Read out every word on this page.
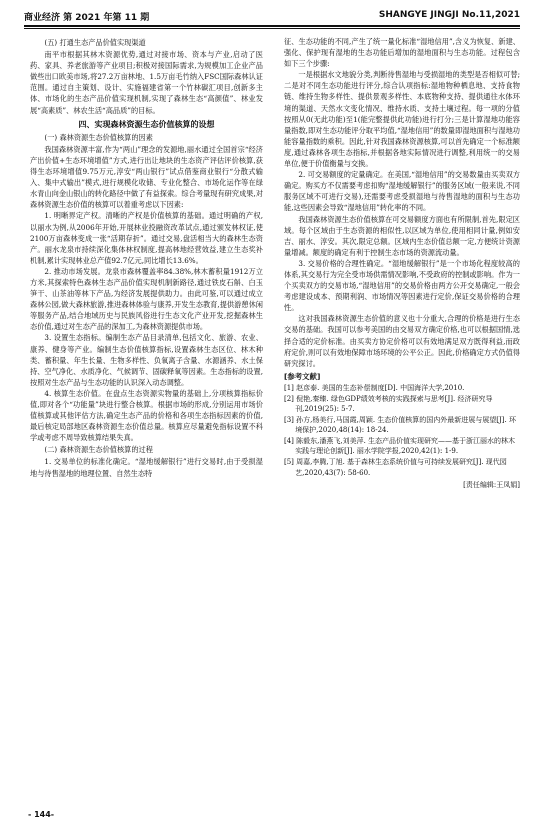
商业经济 第 2021 年第 11 期	SHANGYE JINGJI No.11,2021
(五) 打通生态产品价值实现渠道

南平市根据其林木资源优势,通过对接市场、资本与产业,启动了医药、家具、养老旅游等产业项目;积极对接国际需求,为规模加工企业产品做些出口欧美市场,将27.2万亩林地、1.5万亩毛竹纳入FSC国际森林认证范围。通过自主策划、设计、实施福建省第一个竹林碳汇项目,创新多主体、市场化的生态产品价值实现机制,实现了森林生态“高颜值”、林业发展“高素质”、林农生活“高品质”的目标。

四、实现森林资源生态价值核算的设想
(一) 森林资源生态价值核算的因素

我国森林资源丰富,作为“两山”理念的发源地,丽水通过全国首宗“经济产出价值+生态环境增值”方式,进行出让地块的生态资产评估评价核算,获得生态环境增值9.75万元,淳安“两山银行”试点借鉴商业银行“分散式输入、集中式输出”模式,进行规模化收储、专业化整合、市场化运作等在绿水青山向金山银山的转化路径中做了有益探索。综合考量现有研究成果,对森林资源生态价值的核算可以着重考虑以下因素:

1. 明晰界定产权。清晰的产权是价值核算的基础。通过明确的产权,以丽水为例,从2006年开始,开展林业投融资改革试点,通过颁发林权证,使2100万亩森林变成一张“活期存折”。通过交易,盘活相当大的森林生态资产。丽水龙泉市持续深化集体林权制度,提高林地经营效益,建立生态奖补机制,累计实现林业总产值92.7亿元,同比增长13.6%。

2. 推动市场发展。龙泉市森林覆盖率84.38%,林木蓄积量1912万立方米,其探索特色森林生态产品价值实现机制新路径,通过铁皮石斛、白玉笋干、山茶油等林下产品,为经济发展提供助力。由此可鉴,可以通过成立森林公园,做大森林旅游,推进森林体验与康养,开发生态教育,提供游憩休闲等服务产品,结合地域历史与民族风俗进行生态文化产业开发,挖掘森林生态价值,通过对生态产品的深加工,为森林资源提供市场。

3. 设置生态指标。编制生态产品目录清单,包括文化、旅游、农业、康养、健身等产业。编制生态价值核算指标,设置森林生态区位、林木种类、蓄积量、年生长量、生物多样性、负氧离子含量、水源涵养、水土保持、空气净化、水质净化、气候调节、固碳释氧等因素。生态指标的设置,按照对生态产品与生态功能的认识深入动态调整。

4. 核算生态价值。在盘点生态资源实物量的基础上,分项核算指标价值,即对各个“功能量”块进行整合核算。根据市场的形成,分别运用市场价值核算或其他评估方法,确定生态产品的价格和各项生态指标因素的价值,最后核定局部地区森林资源生态价值总量。核算应尽量避免指标设置不科学或考虑不周导致核算结果失真。

(二) 森林资源生态价值核算的过程

1. 交易单位的标准化确定。“湿地缓解银行”进行交易时,由于受损湿地与待售湿地的地理位置、自然生态特

征、生态功能的不同,产生了统一量化标准“湿地信用”,含义为恢复、新建、强化、保护现有湿地的生态功能后增加的湿地面积与生态功能。过程包含如下三个步骤:

一是根据水文地貌分类,判断待售湿地与受损湿地的类型是否相似可替;二是对不同生态功能进行评分,综合认项指标:湿地物种栖息地、支持食物链、维持生物多样性、提供景观多样性、本底物种支持、提供通往水体环境的渠道、天然水文变化情况、维持水质、支持土壤过程。每一项的分值按照从0(无此功能)至1(能完整提供此功能)进行打分;三是计算湿地功能容量指数,即对生态功能评分取平均值,“湿地信用”的数量即湿地面积与湿地功能容量指数的乘积。因此,针对我国森林资源核算,可以首先确定一个标准额度,通过森林各项生态指标,并根据各地实际情况进行调整,利用统一的交易单位,便于价值衡量与交换。

2. 可交易额度的定量确定。在美国,“湿地信用”的交易数量由买卖双方确定。购买方不仅需要考虑扣购“湿地缓解银行”的服务区域(一般来说,不同服务区域不可进行交易),还需要考虑受损湿地与待售湿地的面积与生态功能,这些因素会导致“湿地信用”转化率的不同。

我国森林资源生态价值核算在可交易额度方面也有所限制,首先,限定区域。每个区域由于生态资源的相似性,以区域为单位,使用相同计量,例如安吉、丽水、淳安。其次,限定总额。区域内生态价值总额一定,方便统计资源量增减。额度的确定有利于控制生态市场的资源流动量。

3. 交易价格的合理性确定。“湿地缓解银行”是一个市场化程度较高的体系,其交易行为完全受市场供需情况影响,不受政府的控制或影响。作为一个买卖双方的交易市场,“湿地信用”的交易价格由两方公开交易确定,一般会考虑建设成本、预期利润、市场情况等因素进行定价,保证交易价格的合理性。

这对我国森林资源生态价值的意义也十分重大,合理的价格是进行生态交易的基础。我国可以参考美国的由交易双方确定价格,也可以根据国情,选择合适的定价标准。由买卖方协定价格可以有效地满足双方既得利益,而政府定价,则可以有效地保障市场环境的公平公正。因此,价格确定方式仍值得研究探讨。

[参考文献]
[1] 赵彦泰. 美国的生态补偿制度[D]. 中国海洋大学,2010.
[2] 倪艳,秦臻. 绿色GDP绩效考核的实践探索与思考[J]. 经济研究导刊,2019(25): 5-7.
[3] 孙方,杨美行,马国霞,周颖. 生态价值核算的国内外最新进展与展望[J]. 环境保护,2020,48(14): 18-24.
[4] 陈毅东,潘燕飞,刘美萍. 生态产品价值实现研究——基于浙江丽水的林木实践与理论创新[J]. 丽水学院学报,2020,42(1): 1-9.
[5] 周嘉,李腾,丁旭. 基于森林生态系统价值与可持续发展研究[J]. 现代园艺,2020,43(7): 58-60.
[责任编辑:王凤娟]
- 144-
